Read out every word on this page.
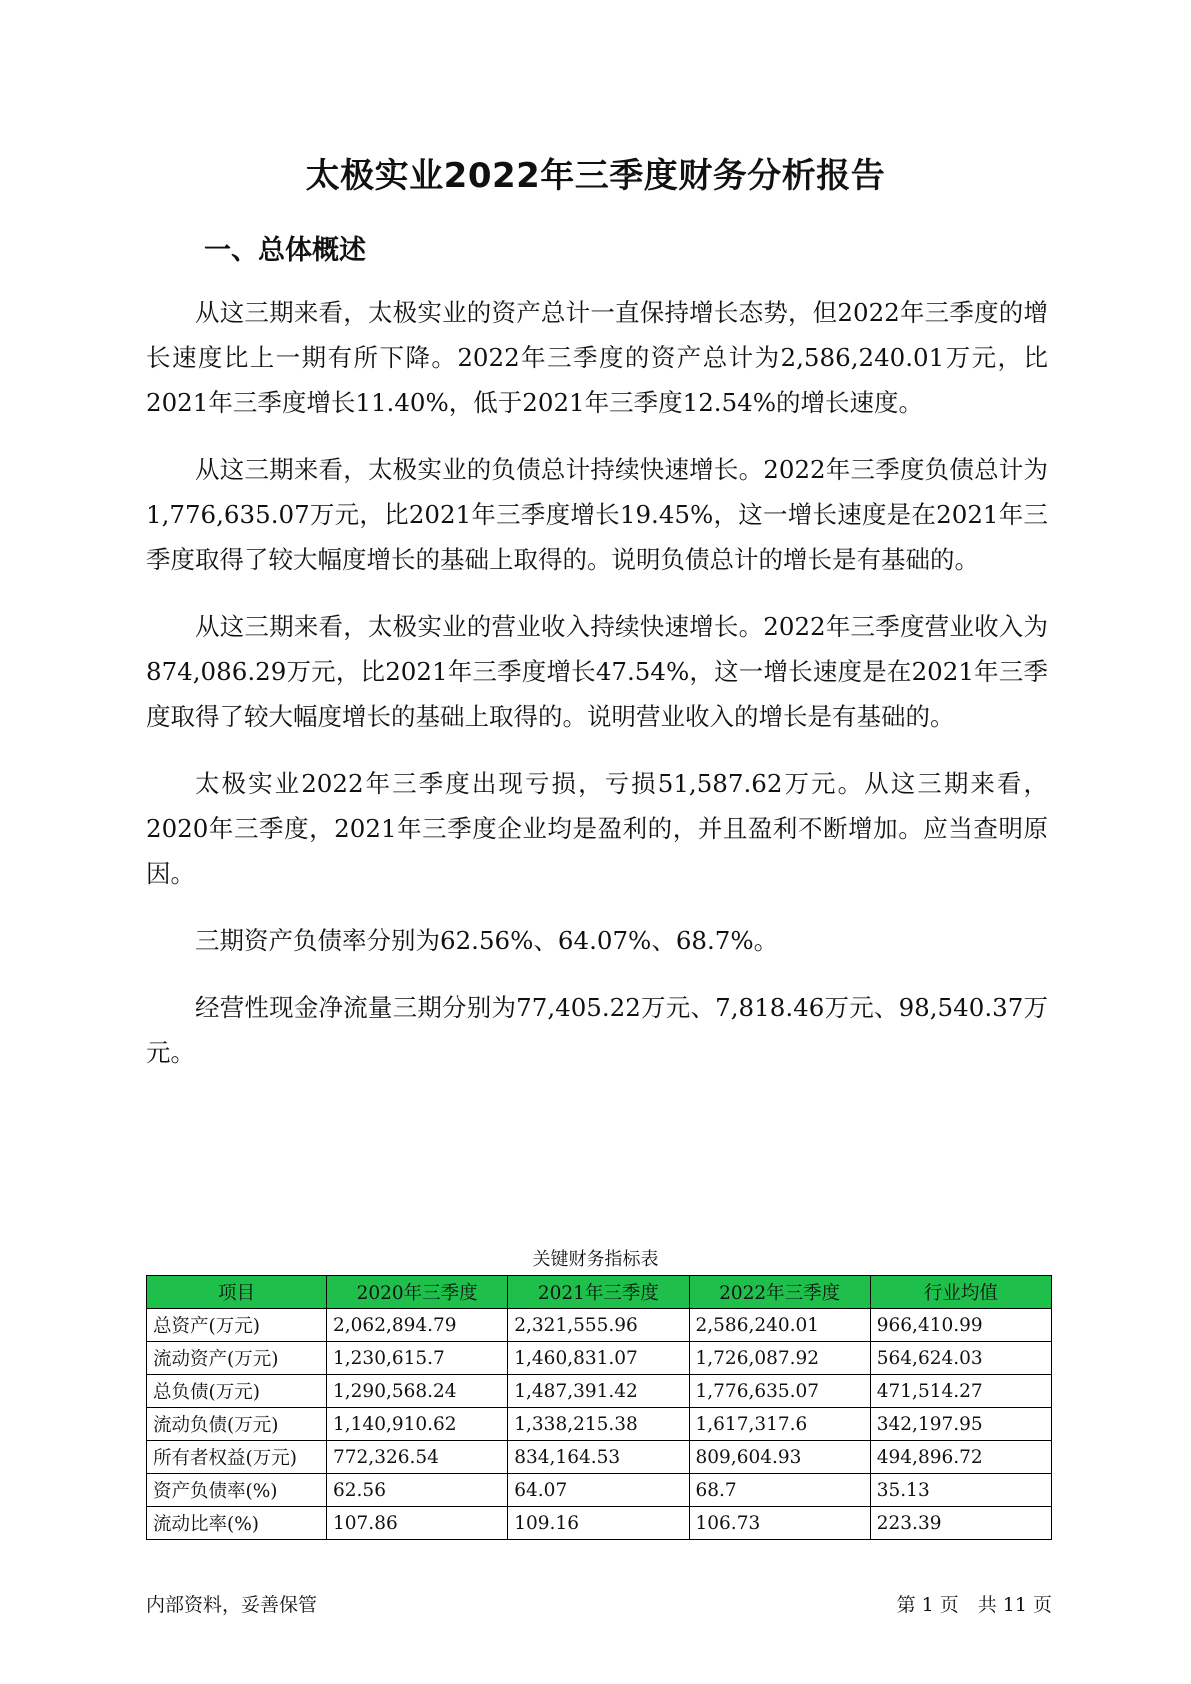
太极实业2022年三季度财务分析报告
一、总体概述

从这三期来看，太极实业的资产总计一直保持增长态势，但2022年三季度的增长速度比上一期有所下降。2022年三季度的资产总计为2,586,240.01万元，比2021年三季度增长11.40%，低于2021年三季度12.54%的增长速度。

从这三期来看，太极实业的负债总计持续快速增长。2022年三季度负债总计为1,776,635.07万元，比2021年三季度增长19.45%，这一增长速度是在2021年三季度取得了较大幅度增长的基础上取得的。说明负债总计的增长是有基础的。

从这三期来看，太极实业的营业收入持续快速增长。2022年三季度营业收入为874,086.29万元，比2021年三季度增长47.54%，这一增长速度是在2021年三季度取得了较大幅度增长的基础上取得的。说明营业收入的增长是有基础的。

太极实业2022年三季度出现亏损，亏损51,587.62万元。从这三期来看，2020年三季度，2021年三季度企业均是盈利的，并且盈利不断增加。应当查明原因。

三期资产负债率分别为62.56%、64.07%、68.7%。

经营性现金净流量三期分别为77,405.22万元、7,818.46万元、98,540.37万元。

关键财务指标表
项目	2020年三季度	2021年三季度	2022年三季度	行业均值
总资产(万元)	2,062,894.79	2,321,555.96	2,586,240.01	966,410.99
流动资产(万元)	1,230,615.7	1,460,831.07	1,726,087.92	564,624.03
总负债(万元)	1,290,568.24	1,487,391.42	1,776,635.07	471,514.27
流动负债(万元)	1,140,910.62	1,338,215.38	1,617,317.6	342,197.95
所有者权益(万元)	772,326.54	834,164.53	809,604.93	494,896.72
资产负债率(%)	62.56	64.07	68.7	35.13
流动比率(%)	107.86	109.16	106.73	223.39
内部资料，妥善保管	第 1 页　共 11 页
